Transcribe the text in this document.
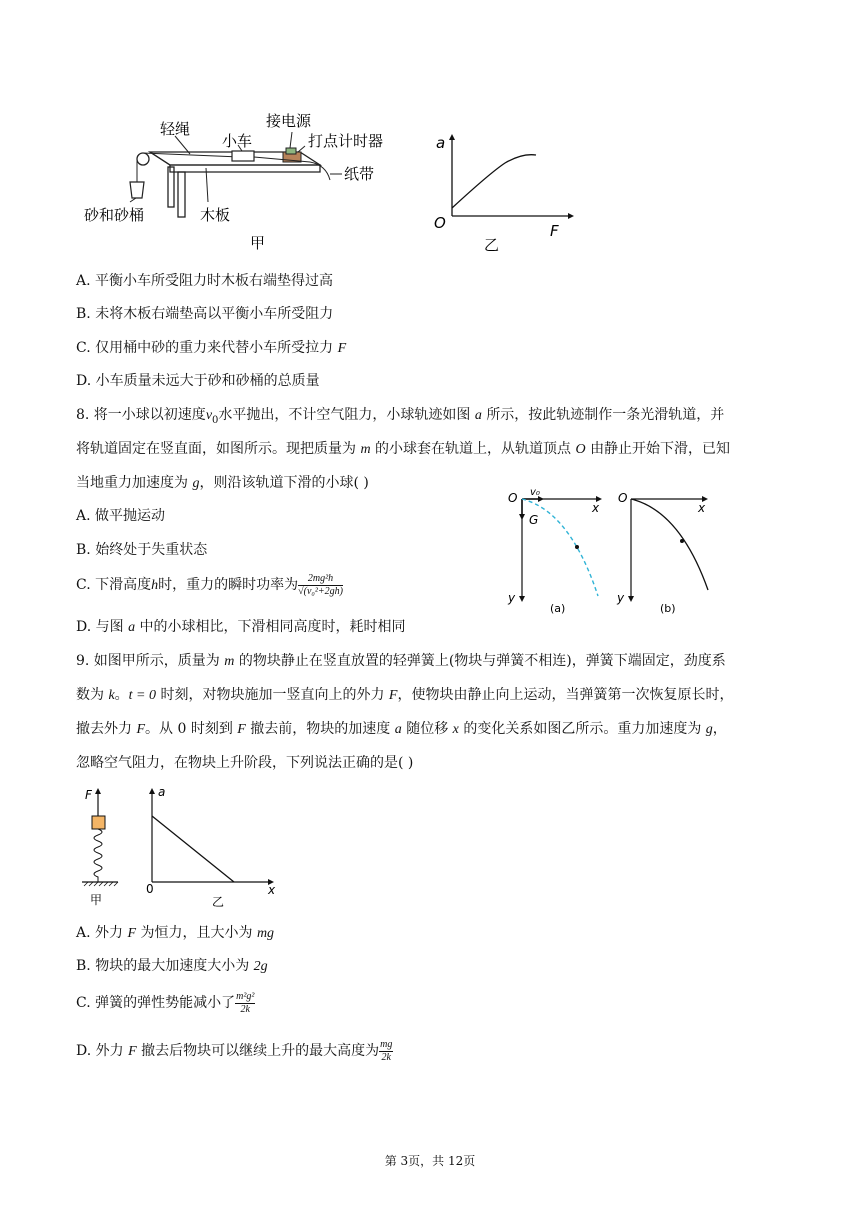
轻绳	接电源
小车	打点计时器
纸带
砂和砂桶	木板
甲
a
O	F
乙
A. 平衡小车所受阻力时木板右端垫得过高
B. 未将木板右端垫高以平衡小车所受阻力
C. 仅用桶中砂的重力来代替小车所受拉力 F
D. 小车质量未远大于砂和砂桶的总质量
8. 将一小球以初速度$v_0$水平抛出，不计空气阻力，小球轨迹如图 a 所示，按此轨迹制作一条光滑轨道，并
将轨道固定在竖直面，如图所示。现把质量为 m 的小球套在轨道上，从轨道顶点 O 由静止开始下滑，已知
当地重力加速度为 g，则沿该轨道下滑的小球( )
O v₀
x
G
y
(a)
O
x
y
(b)
A. 做平抛运动
B. 始终处于失重状态
C. 下滑高度h时，重力的瞬时功率为 $\frac{\text{2mg²h}}{\text{√(v₀²+2gh)}}$
D. 与图 a 中的小球相比，下滑相同高度时，耗时相同
9. 如图甲所示，质量为 m 的物块静止在竖直放置的轻弹簧上(物块与弹簧不相连)，弹簧下端固定，劲度系
数为 k。t = 0 时刻，对物块施加一竖直向上的外力 F，使物块由静止向上运动，当弹簧第一次恢复原长时，
撤去外力 F。从 0 时刻到 F 撤去前，物块的加速度 a 随位移 x 的变化关系如图乙所示。重力加速度为 g，
忽略空气阻力，在物块上升阶段，下列说法正确的是( )
F
甲
a
0	x
乙
A. 外力 F 为恒力，且大小为 mg
B. 物块的最大加速度大小为 2g
C. 弹簧的弹性势能减小了 $\frac{\text{m²g²}}{2k}$
D. 外力 F 撤去后物块可以继续上升的最大高度为 $\frac{mg}{2k}$
第 3页，共 12页
